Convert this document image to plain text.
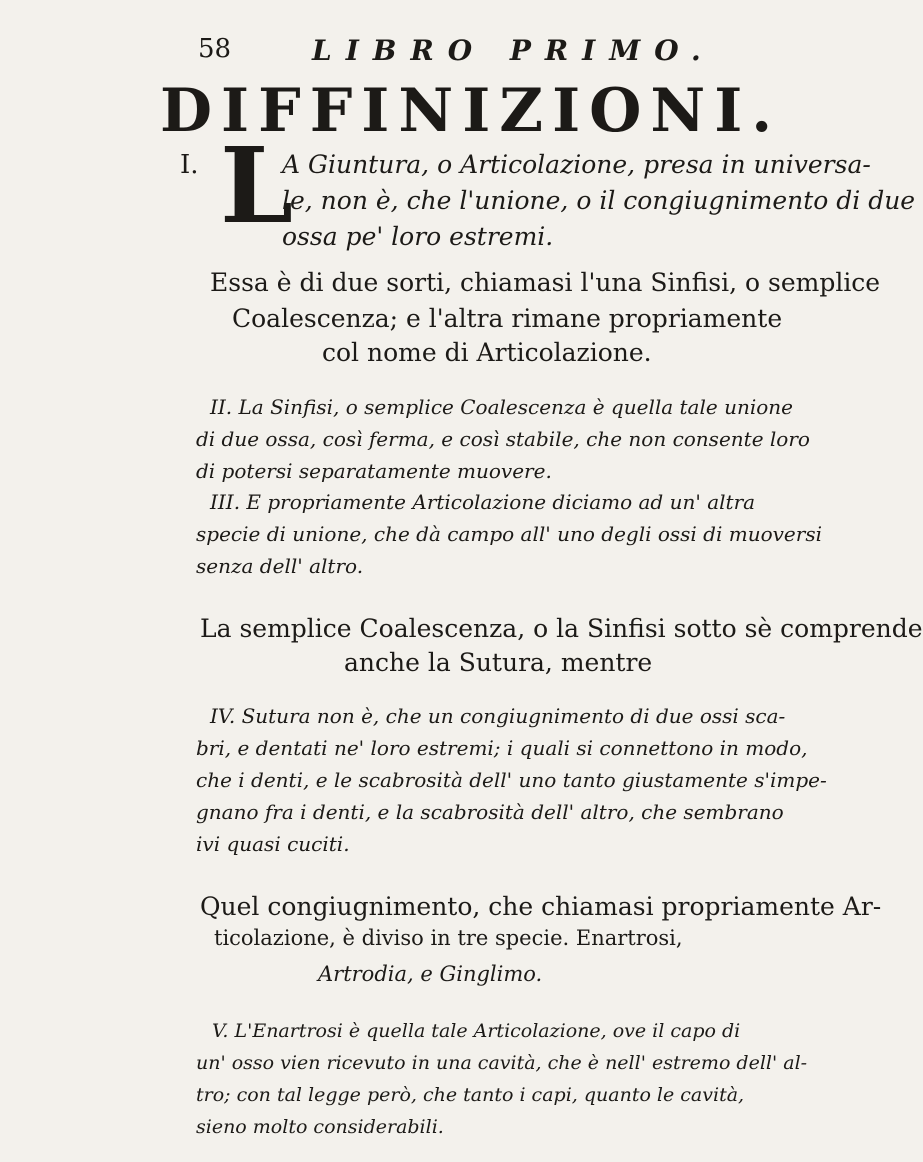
58	LIBRO PRIMO.
DIFFINIZIONI.
I. L
A Giuntura, o Articolazione, presa in universa-
le, non è, che l'unione, o il congiugnimento di due
ossa pe' loro estremi.
Essa è di due sorti, chiamasi l'una Sinfisi, o semplice
Coalescenza; e l'altra rimane propriamente
col nome di Articolazione.
II. La Sinfisi, o semplice Coalescenza è quella tale unione
di due ossa, così ferma, e così stabile, che non consente loro
di potersi separatamente muovere.
III. E propriamente Articolazione diciamo ad un' altra
specie di unione, che dà campo all' uno degli ossi di muoversi
senza dell' altro.
La semplice Coalescenza, o la Sinfisi sotto sè comprende
anche la Sutura, mentre
IV. Sutura non è, che un congiugnimento di due ossi sca-
bri, e dentati ne' loro estremi; i quali si connettono in modo,
che i denti, e le scabrosità dell' uno tanto giustamente s'impe-
gnano fra i denti, e la scabrosità dell' altro, che sembrano
ivi quasi cuciti.
Quel congiugnimento, che chiamasi propriamente Ar-
ticolazione, è diviso in tre specie. Enartrosi,
Artrodia, e Ginglimo.
V. L'Enartrosi è quella tale Articolazione, ove il capo di
un' osso vien ricevuto in una cavità, che è nell' estremo dell' al-
tro; con tal legge però, che tanto i capi, quanto le cavità,
sieno molto considerabili.
